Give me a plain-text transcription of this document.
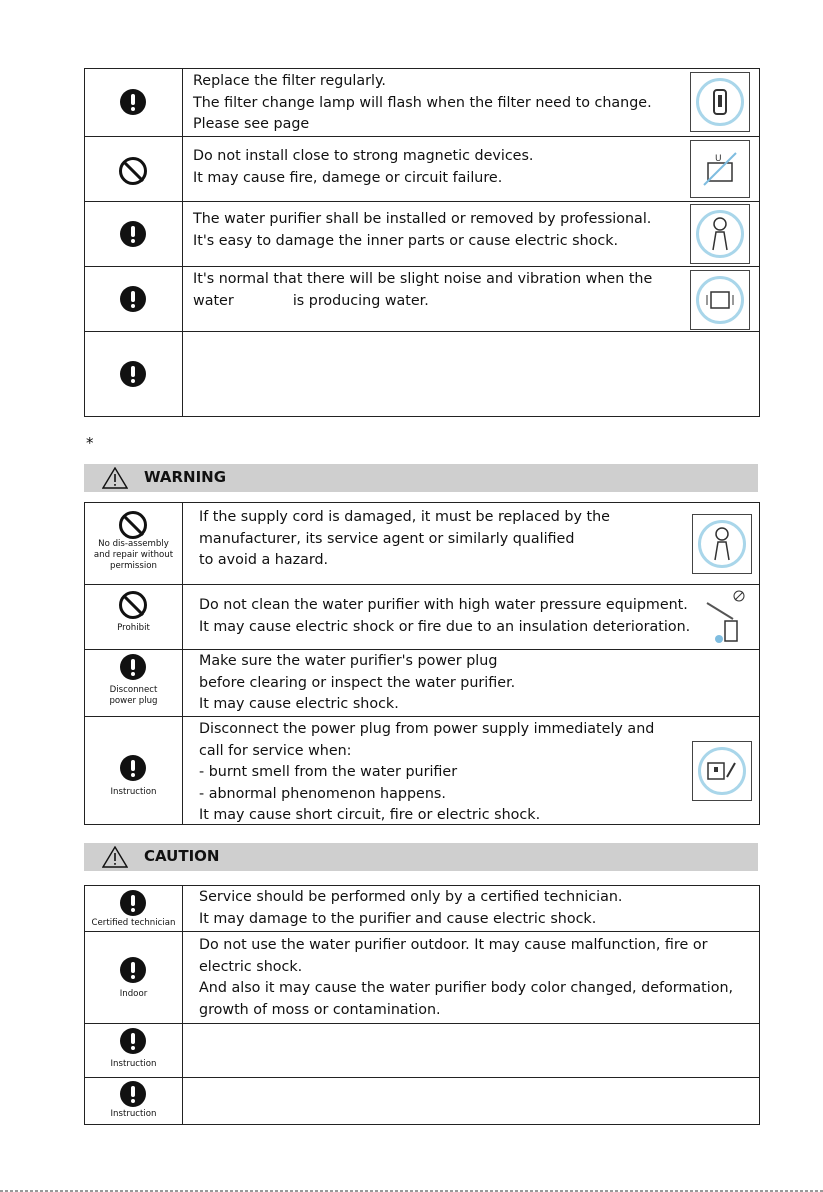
Replace the filter regularly.
The filter change lamp will flash when the filter need to change.
Please see page
Do not install close to strong magnetic devices.
It may cause fire, damege or circuit failure.
U
The water purifier shall be installed or removed by professional.
It's easy to damage the inner parts or cause electric shock.
It's normal that there will be slight noise and vibration when the
water             is producing water.
*
WARNING
No dis-assembly
and repair without
permission
If the supply cord is damaged, it must be replaced by the
manufacturer, its service agent or similarly qualified
to avoid a hazard.
Prohibit
Do not clean the water purifier with high water pressure equipment.
It may cause electric shock or fire due to an insulation deterioration.
Disconnect
power plug
Make sure the water purifier's power plug
before clearing or inspect the water purifier.
It may cause electric shock.
Instruction
Disconnect the power plug from power supply immediately and
call for service when:
- burnt smell from the water purifier
- abnormal phenomenon happens.
It may cause short circuit, fire or electric shock.
CAUTION
Certified technician
Service should be performed only by a certified technician.
It may damage to the purifier and cause electric shock.
Indoor
Do not use the water purifier outdoor. It may cause malfunction, fire or
electric shock.
And also it may cause the water purifier body color changed, deformation,
growth of moss or contamination.
Instruction
Instruction
